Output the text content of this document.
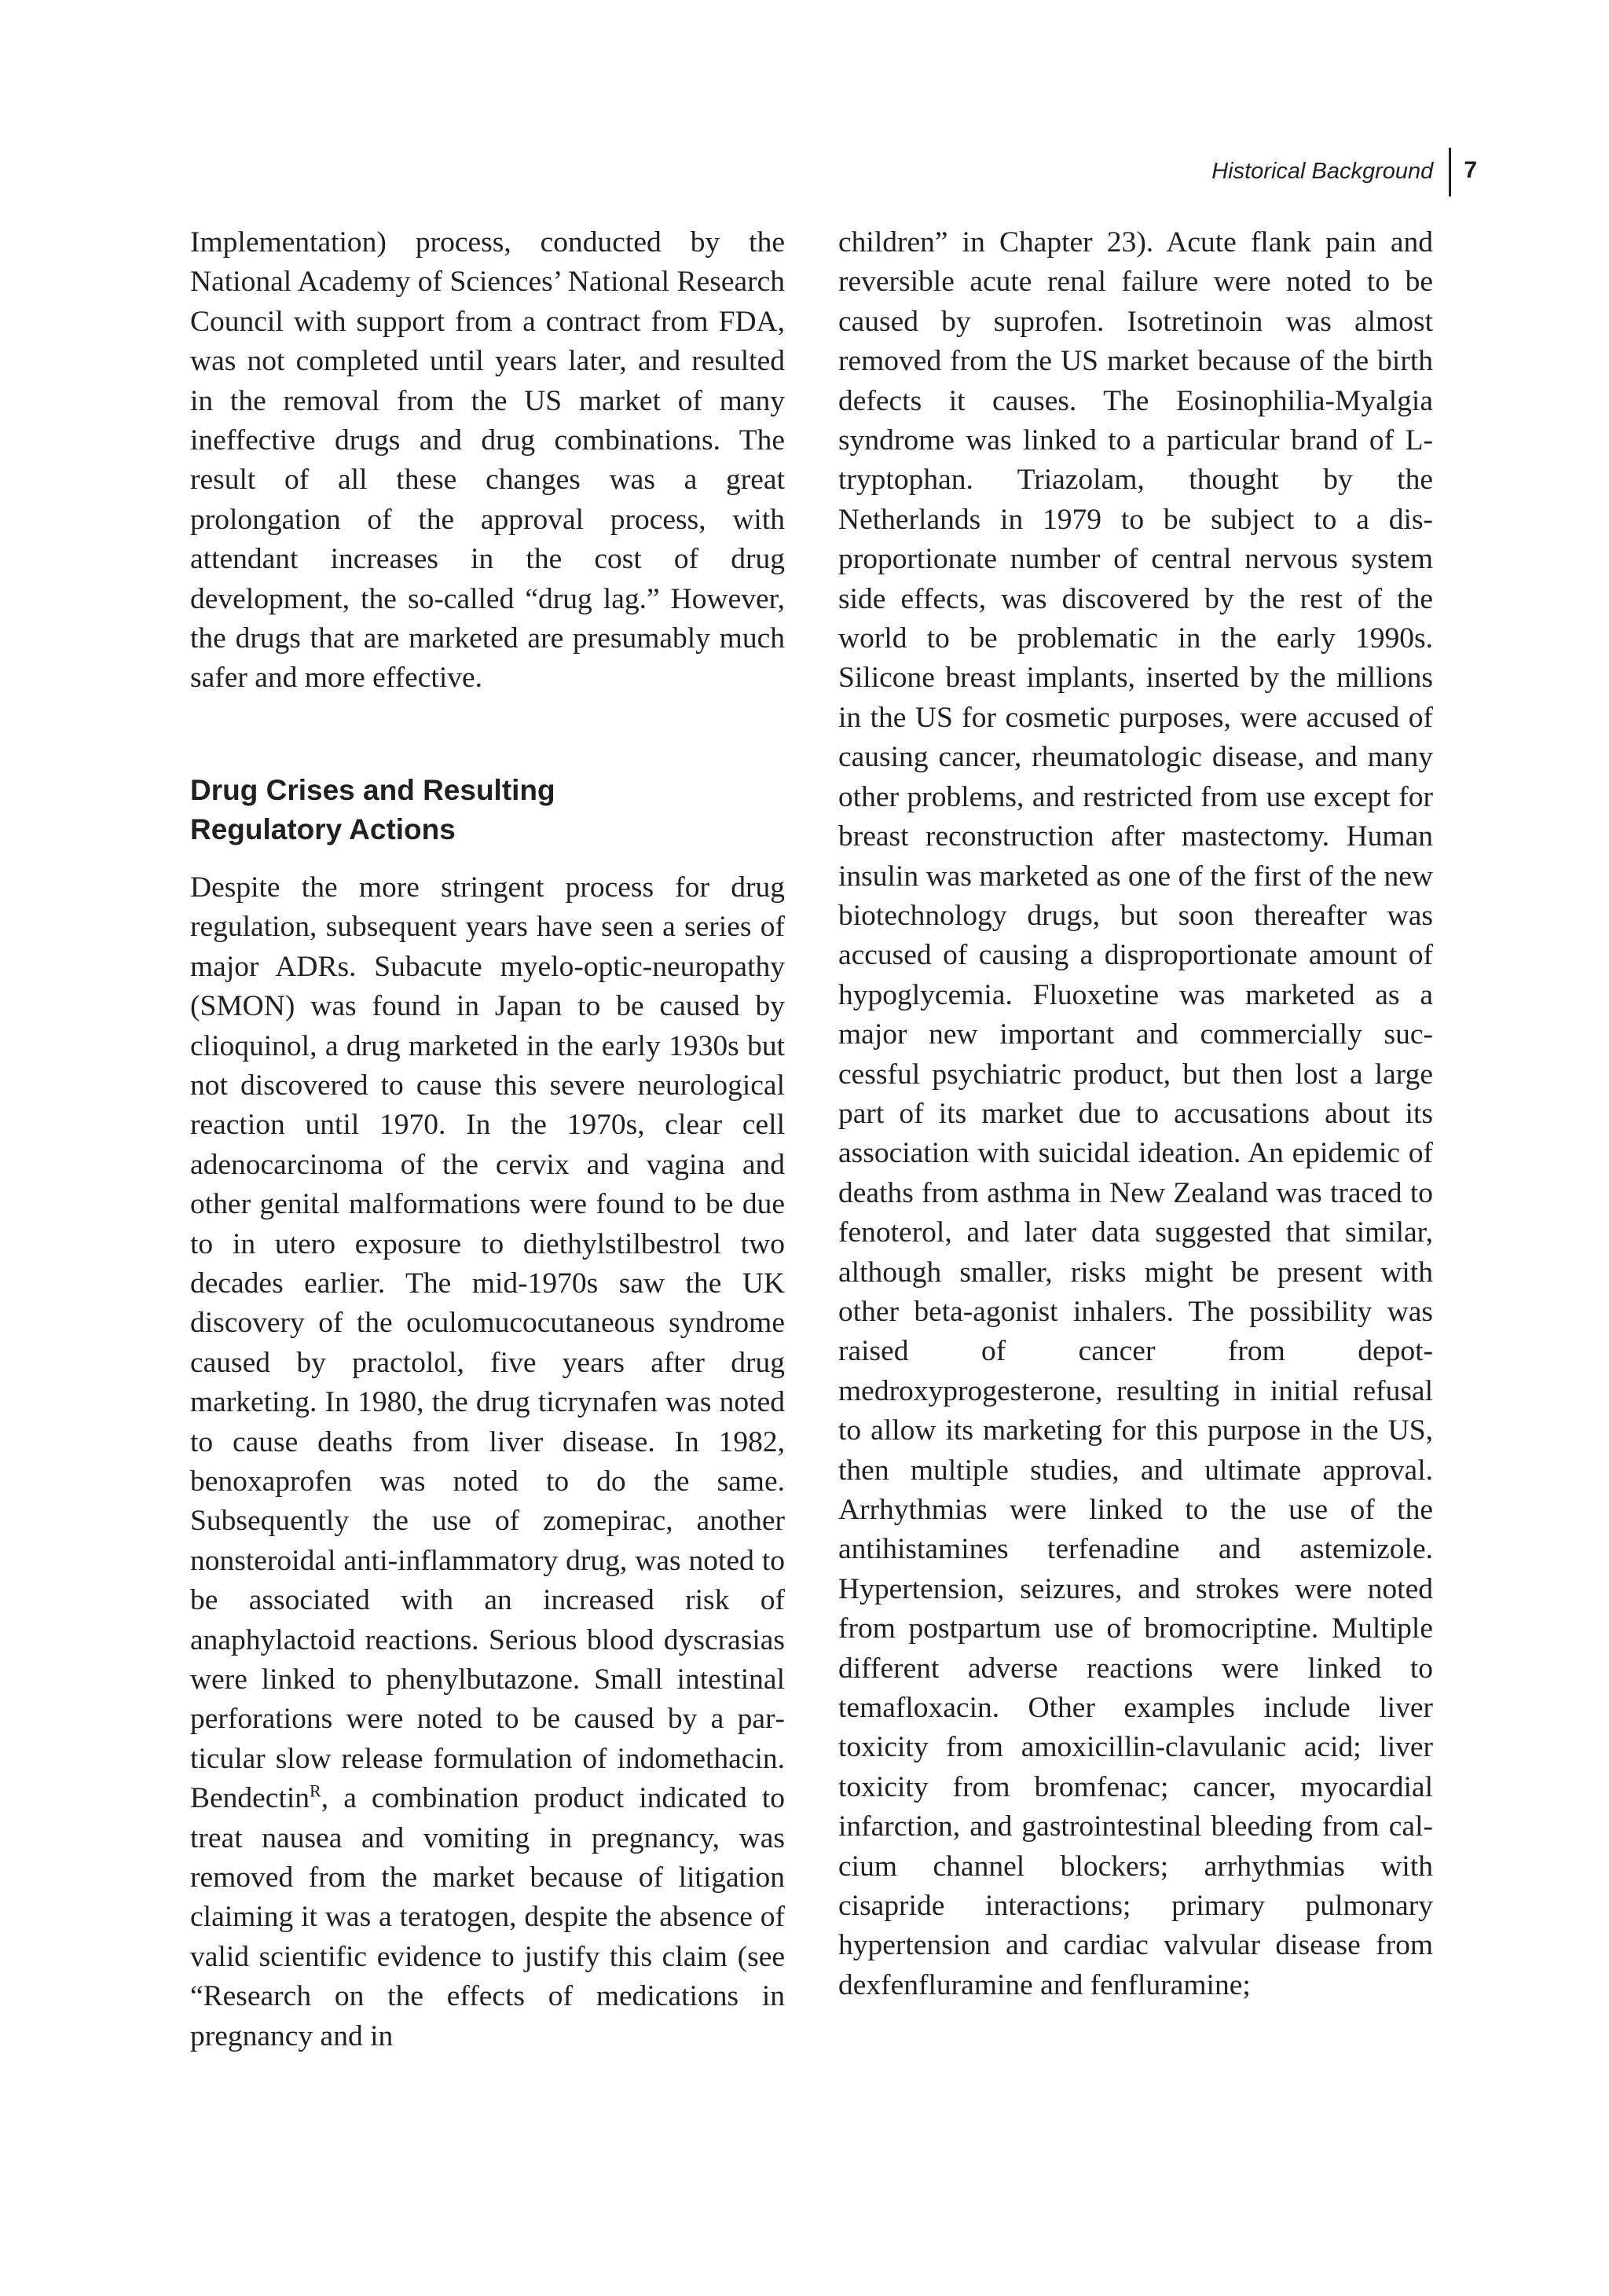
Historical Background	7

Implementation) process, conducted by the National Academy of Sciences’ National Research Council with support from a contract from FDA, was not completed until years later, and resulted in the removal from the US market of many ineffective drugs and drug combinations. The result of all these changes was a great prolongation of the approval process, with attendant increases in the cost of drug development, the so-called “drug lag.” However, the drugs that are marketed are presumably much safer and more effective.

Drug Crises and Resulting
Regulatory Actions

Despite the more stringent process for drug regulation, subsequent years have seen a series of major ADRs. Subacute myelo-optic-neuropathy (SMON) was found in Japan to be caused by clioquinol, a drug marketed in the early 1930s but not discovered to cause this severe neurological reaction until 1970. In the 1970s, clear cell adenocarcinoma of the cervix and vagina and other genital malformations were found to be due to in utero exposure to diethylstilbestrol two decades earlier. The mid-1970s saw the UK discovery of the oculomucocutaneous syndrome caused by practolol, five years after drug marketing. In 1980, the drug ticrynafen was noted to cause deaths from liver disease. In 1982, benoxaprofen was noted to do the same. Subsequently the use of zomepirac, another nonsteroidal anti-inflammatory drug, was noted to be associated with an increased risk of anaphylactoid reactions. Serious blood dyscrasias were linked to phenylbutazone. Small intestinal perforations were noted to be caused by a particular slow release formulation of indomethacin. Bendectin$^R$, a combination product indicated to treat nausea and vomiting in pregnancy, was removed from the market because of litigation claiming it was a teratogen, despite the absence of valid scientific evidence to justify this claim (see “Research on the effects of medications in pregnancy and in

children” in Chapter 23). Acute flank pain and reversible acute renal failure were noted to be caused by suprofen. Isotretinoin was almost removed from the US market because of the birth defects it causes. The Eosinophilia-Myalgia syndrome was linked to a particular brand of L-tryptophan. Triazolam, thought by the Netherlands in 1979 to be subject to a disproportionate number of central nervous system side effects, was discovered by the rest of the world to be problematic in the early 1990s. Silicone breast implants, inserted by the millions in the US for cosmetic purposes, were accused of causing cancer, rheumatologic disease, and many other problems, and restricted from use except for breast reconstruction after mastectomy. Human insulin was marketed as one of the first of the new biotechnology drugs, but soon thereafter was accused of causing a disproportionate amount of hypoglycemia. Fluoxetine was marketed as a major new important and commercially successful psychiatric product, but then lost a large part of its market due to accusations about its association with suicidal ideation. An epidemic of deaths from asthma in New Zealand was traced to fenoterol, and later data suggested that similar, although smaller, risks might be present with other beta-agonist inhalers. The possibility was raised of cancer from depot-medroxyprogesterone, resulting in initial refusal to allow its marketing for this purpose in the US, then multiple studies, and ultimate approval. Arrhythmias were linked to the use of the antihistamines terfenadine and astemizole. Hypertension, seizures, and strokes were noted from postpartum use of bromocriptine. Multiple different adverse reactions were linked to temafloxacin. Other examples include liver toxicity from amoxicillin-clavulanic acid; liver toxicity from bromfenac; cancer, myocardial infarction, and gastrointestinal bleeding from calcium channel blockers; arrhythmias with cisapride interactions; primary pulmonary hypertension and cardiac valvular disease from dexfenfluramine and fenfluramine;
